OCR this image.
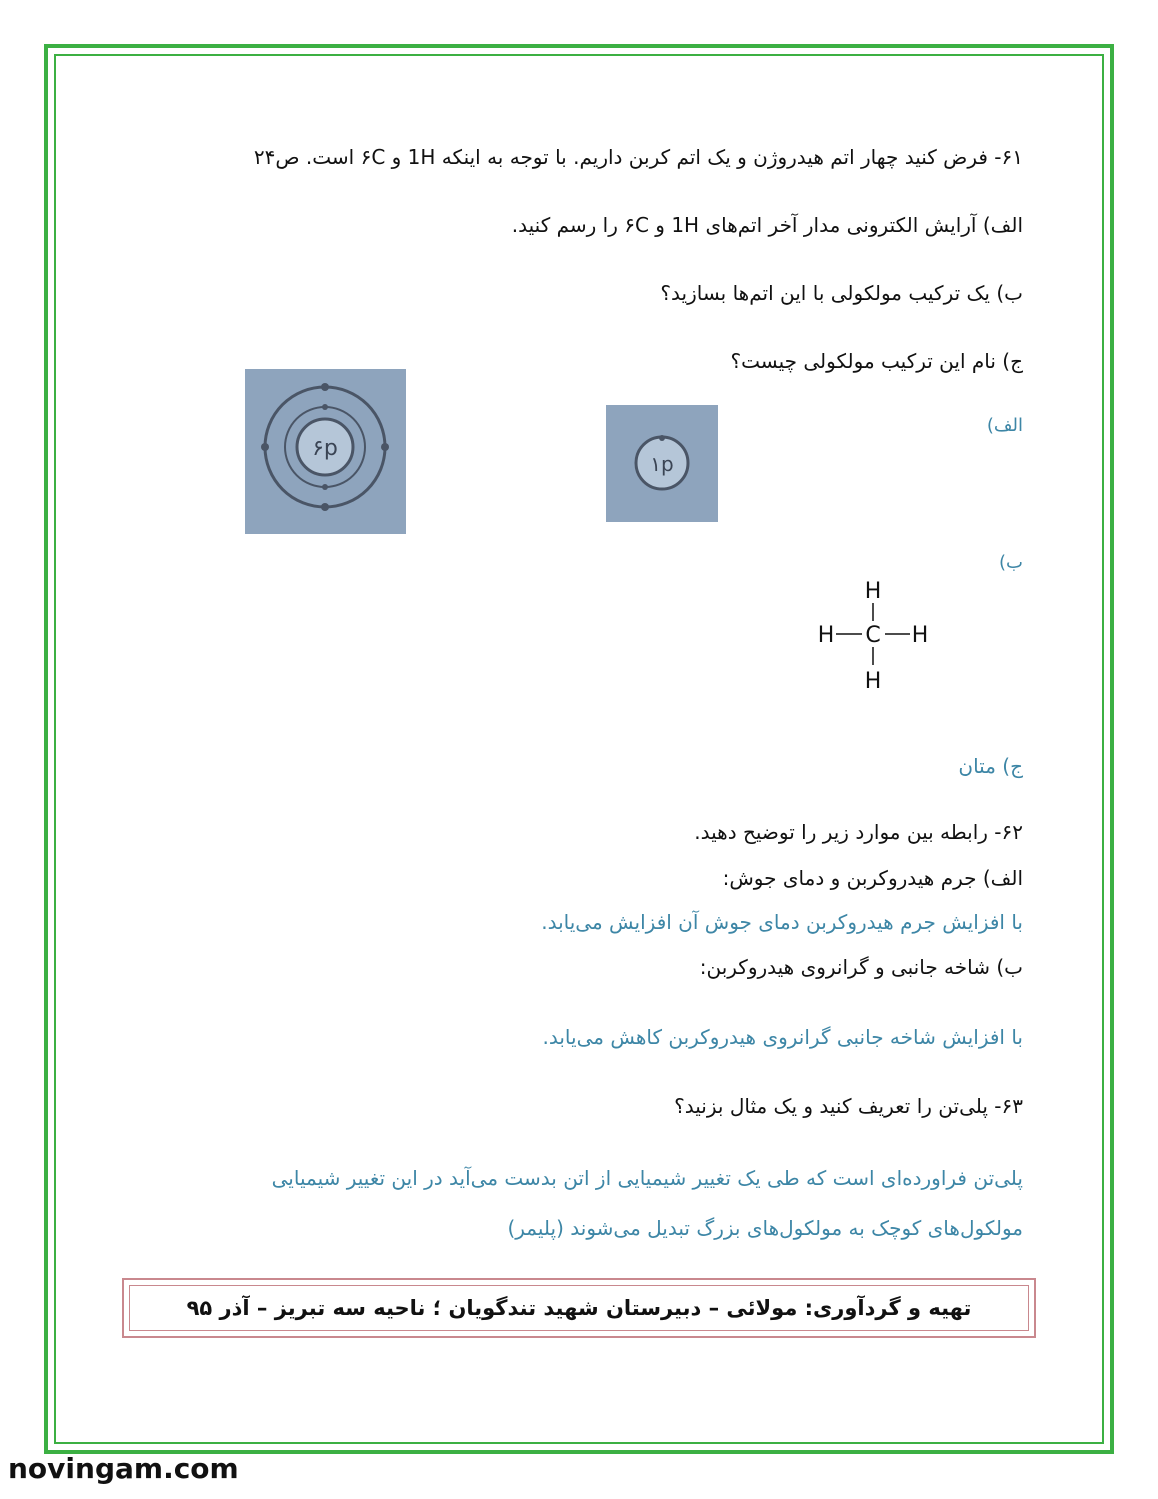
۶۱- فرض کنید چهار اتم هیدروژن و یک اتم کربن داریم. با توجه به اینکه 1H و ۶C است. ص۲۴
الف) آرایش الکترونی مدار آخر اتم‌های 1H و ۶C را رسم کنید.
ب) یک ترکیب مولکولی با این اتم‌ها بسازید؟
ج) نام این ترکیب مولکولی چیست؟
الف)
۱p
۶p
ب)
H
C
H	H
H
ج) متان
۶۲- رابطه بین موارد زیر را توضیح دهید.
الف) جرم هیدروکربن و دمای جوش:
با افزایش جرم هیدروکربن دمای جوش آن افزایش می‌یابد.
ب) شاخه جانبی و گرانروی هیدروکربن:
با افزایش شاخه جانبی گرانروی هیدروکربن کاهش می‌یابد.
۶۳- پلی‌تن را تعریف کنید و یک مثال بزنید؟
پلی‌تن فراورده‌ای است که طی یک تغییر شیمیایی از اتن بدست می‌آید در این تغییر شیمیایی
مولکول‌های کوچک به مولکول‌های بزرگ تبدیل می‌شوند (پلیمر)
تهیه و گردآوری: مولائی – دبیرستان شهید تندگویان ؛ ناحیه سه تبریز – آذر ۹۵
novingam.com
